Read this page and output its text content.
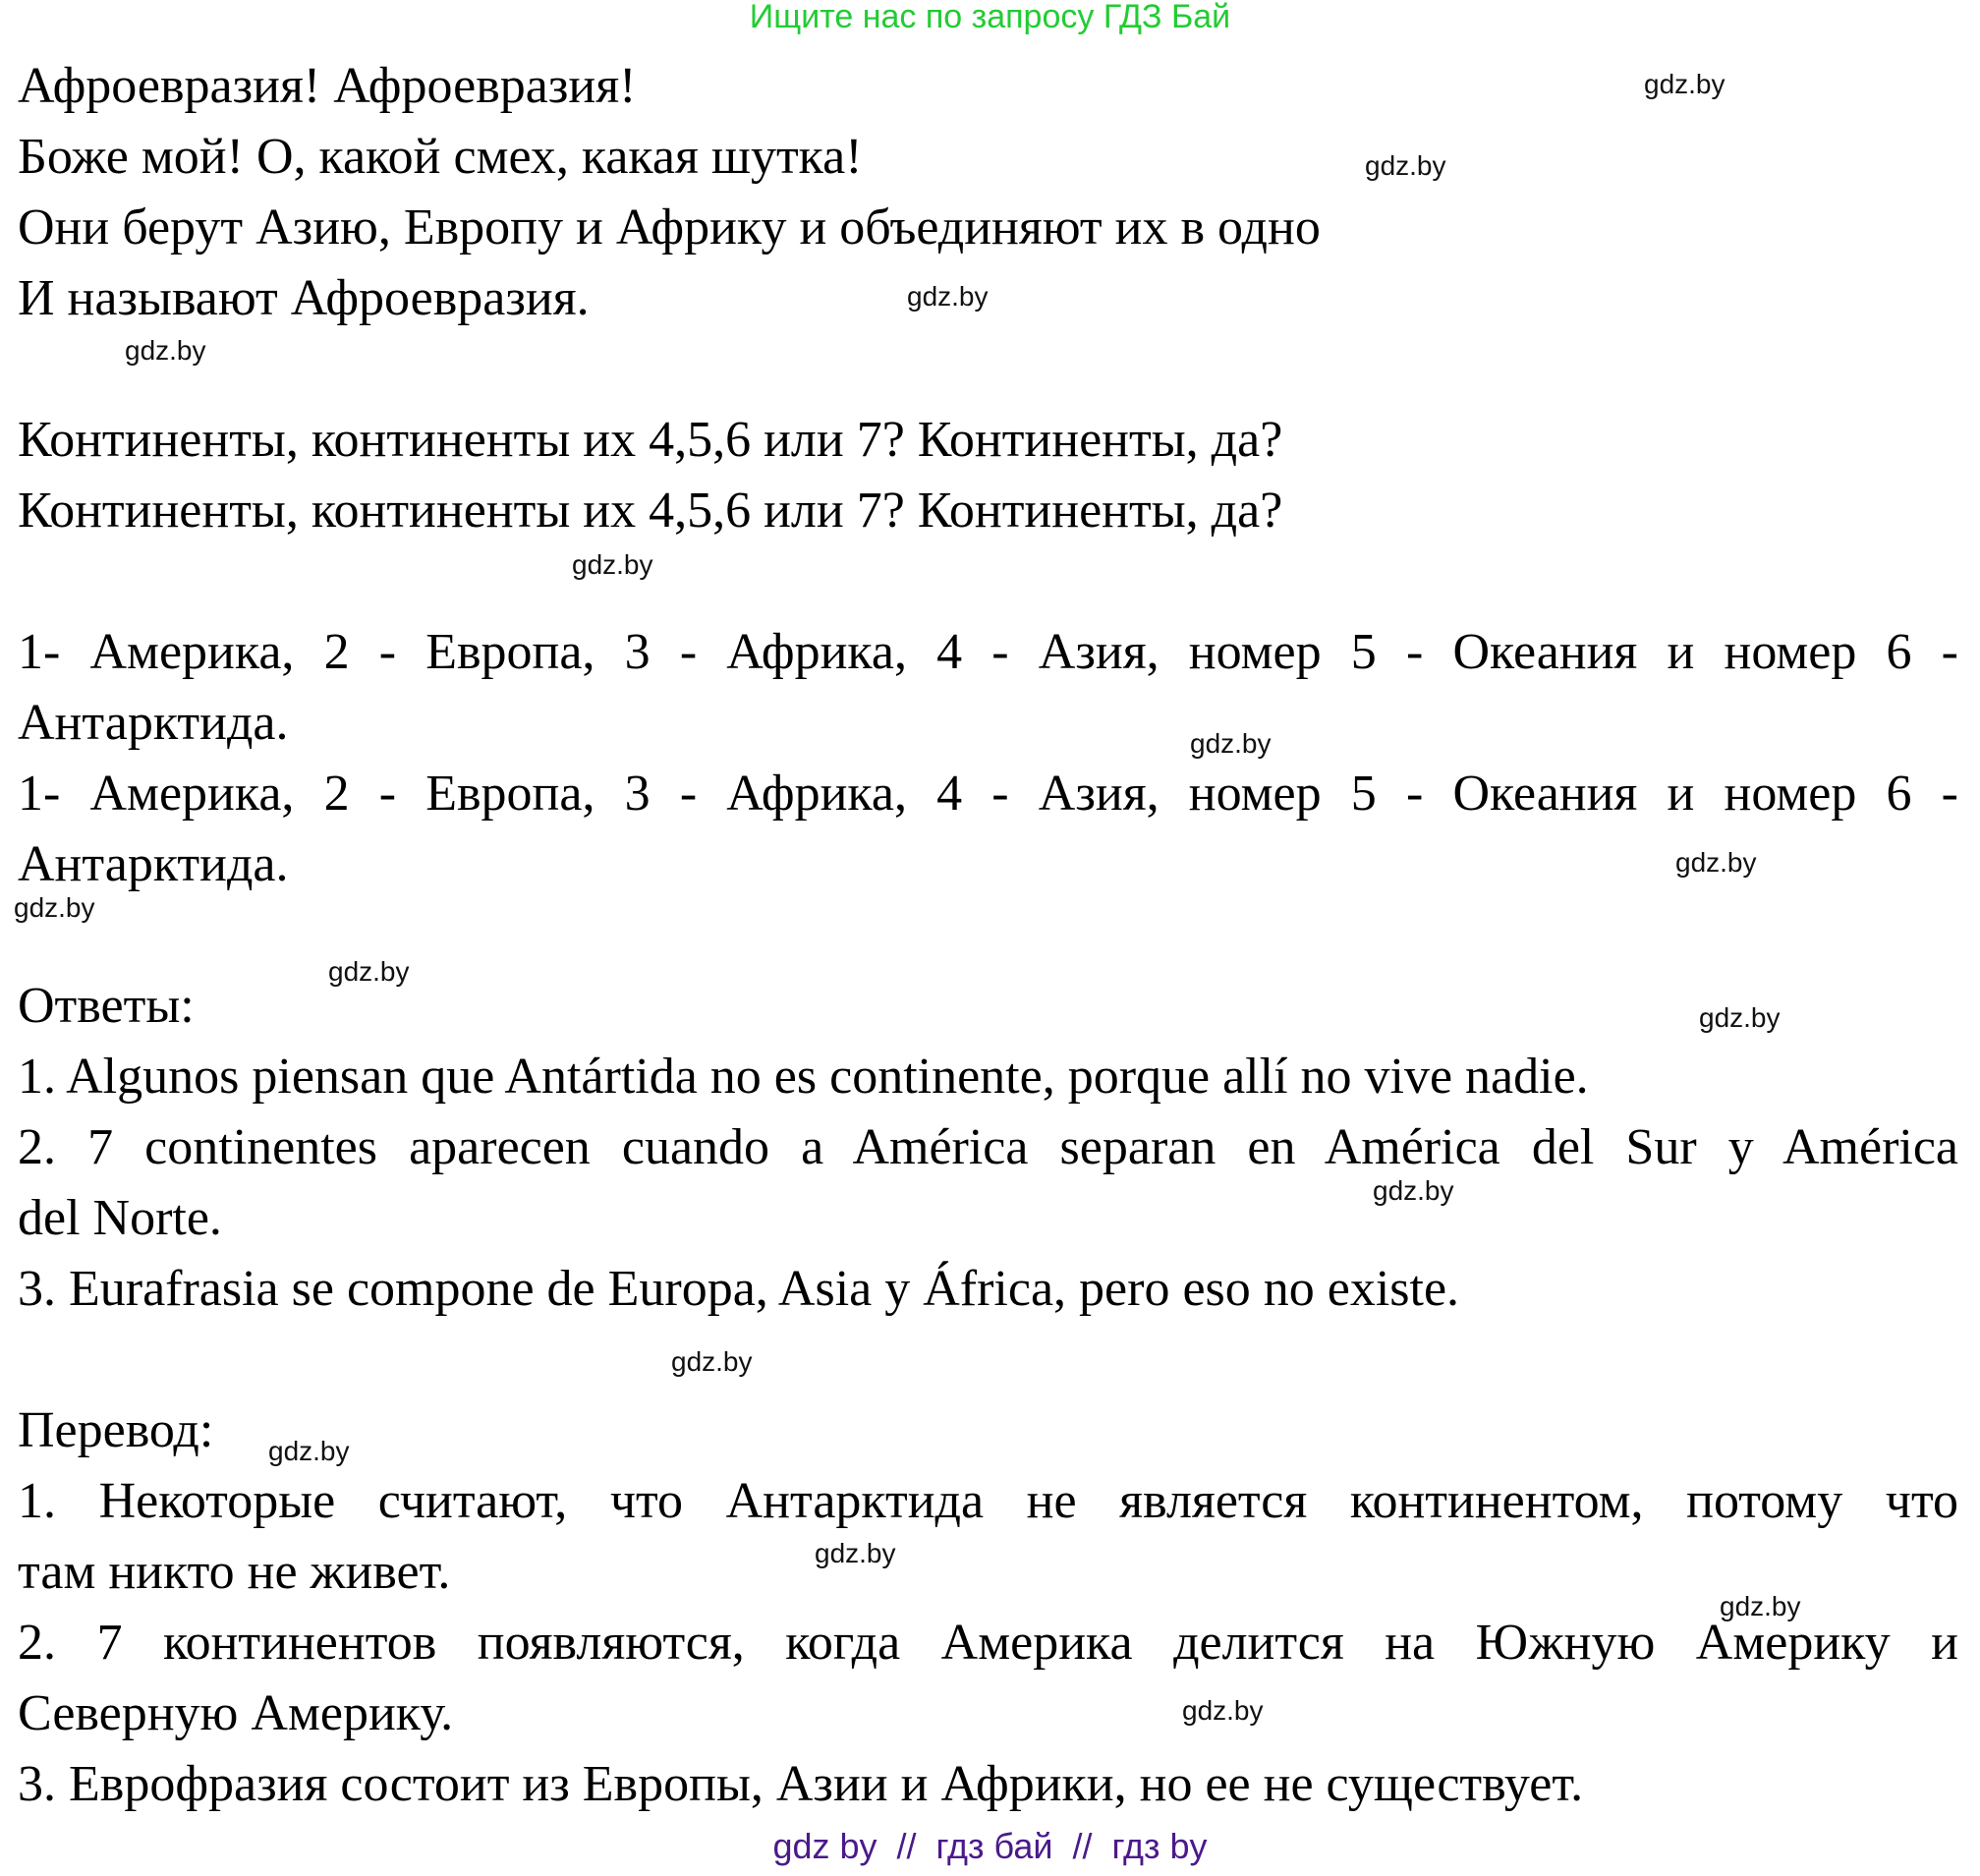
Ищите нас по запросу ГДЗ Бай
Афроевразия! Афроевразия!
Боже мой! О, какой смех, какая шутка!
Они берут Азию, Европу и Африку и объединяют их в одно
И называют Афроевразия.
Континенты, континенты их 4,5,6 или 7? Континенты, да?
Континенты, континенты их 4,5,6 или 7? Континенты, да?
1- Америка, 2 - Европа, 3 - Африка, 4 - Азия, номер 5 - Океания и номер 6 -
Антарктида.
1- Америка, 2 - Европа, 3 - Африка, 4 - Азия, номер 5 - Океания и номер 6 -
Антарктида.
Ответы:
1. Algunos piensan que Antártida no es continente, porque allí no vive nadie.
2. 7 continentes aparecen cuando a América separan en América del Sur y América
del Norte.
3. Eurafrasia se compone de Europa, Asia y África, pero eso no existe.
Перевод:
1. Некоторые считают, что Антарктида не является континентом, потому что
там никто не живет.
2. 7 континентов появляются, когда Америка делится на Южную Америку и
Северную Америку.
3. Еврофразия состоит из Европы, Азии и Африки, но ее не существует.
gdz.by
gdz.by
gdz.by
gdz.by
gdz.by
gdz.by
gdz.by
gdz.by
gdz.by
gdz.by
gdz.by
gdz.by
gdz.by
gdz.by
gdz.by
gdz.by
gdz by  //  гдз бай  //  гдз by
